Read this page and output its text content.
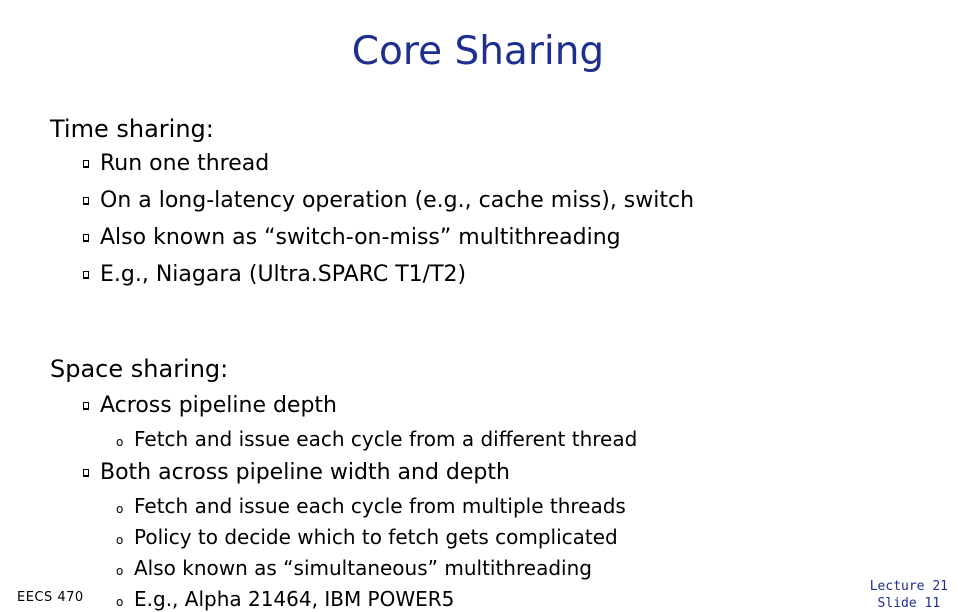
Core Sharing
Time sharing:
Run one thread
On a long-latency operation (e.g., cache miss), switch
Also known as “switch-on-miss” multithreading
E.g., Niagara (Ultra.SPARC T1/T2)
Space sharing:
Across pipeline depth
o Fetch and issue each cycle from a different thread
Both across pipeline width and depth
o Fetch and issue each cycle from multiple threads
o Policy to decide which to fetch gets complicated
o Also known as “simultaneous” multithreading
o E.g., Alpha 21464, IBM POWER5
EECS 470
Lecture 21
Slide 11
